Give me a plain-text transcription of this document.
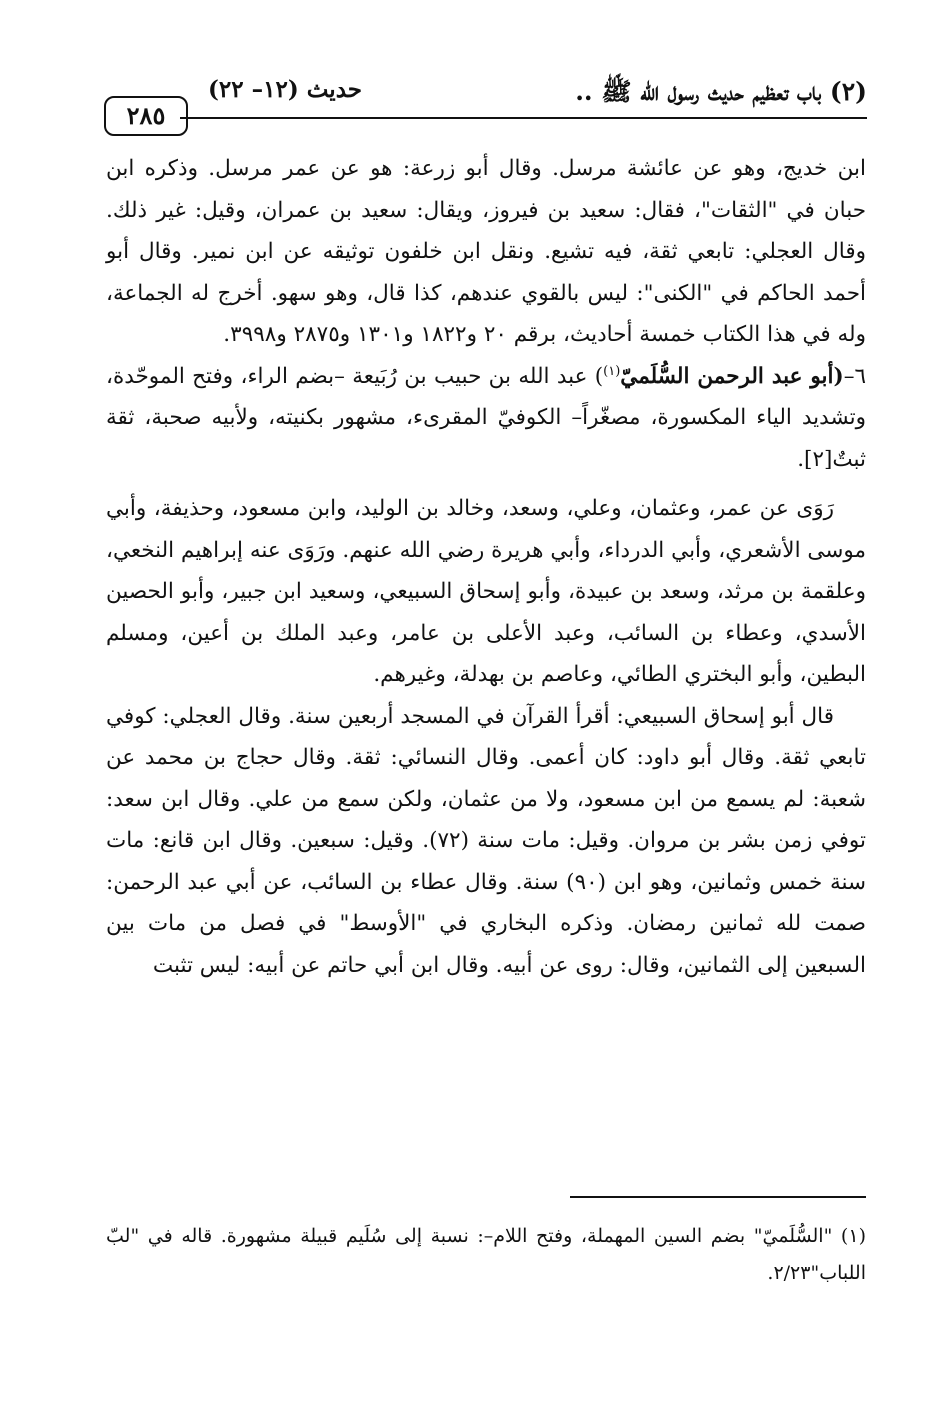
(٢) باب تعظيم حديث رسول الله ﷺ ..
حديث (١٢– ٢٢)
٢٨٥

ابن خديج، وهو عن عائشة مرسل. وقال أبو زرعة: هو عن عمر مرسل. وذكره ابن حبان في "الثقات"، فقال: سعيد بن فيروز، ويقال: سعيد بن عمران، وقيل: غير ذلك. وقال العجلي: تابعي ثقة، فيه تشيع. ونقل ابن خلفون توثيقه عن ابن نمير. وقال أبو أحمد الحاكم في "الكنى": ليس بالقوي عندهم، كذا قال، وهو سهو. أخرج له الجماعة، وله في هذا الكتاب خمسة أحاديث، برقم ٢٠ و١٨٢٢ و١٣٠١ و٢٨٧٥ و٣٩٩٨.

٦–(أبو عبد الرحمن السُّلَميّ$^{(١)}$) عبد الله بن حبيب بن رُبَيعة –بضم الراء، وفتح الموحّدة، وتشديد الياء المكسورة، مصغّراً– الكوفيّ المقرىء، مشهور بكنيته، ولأبيه صحبة، ثقة ثبتٌ[٢].

رَوَى عن عمر، وعثمان، وعلي، وسعد، وخالد بن الوليد، وابن مسعود، وحذيفة، وأبي موسى الأشعري، وأبي الدرداء، وأبي هريرة رضي الله عنهم. ورَوَى عنه إبراهيم النخعي، وعلقمة بن مرثد، وسعد بن عبيدة، وأبو إسحاق السبيعي، وسعيد ابن جبير، وأبو الحصين الأسدي، وعطاء بن السائب، وعبد الأعلى بن عامر، وعبد الملك بن أعين، ومسلم البطين، وأبو البختري الطائي، وعاصم بن بهدلة، وغيرهم.

قال أبو إسحاق السبيعي: أقرأ القرآن في المسجد أربعين سنة. وقال العجلي: كوفي تابعي ثقة. وقال أبو داود: كان أعمى. وقال النسائي: ثقة. وقال حجاج بن محمد عن شعبة: لم يسمع من ابن مسعود، ولا من عثمان، ولكن سمع من علي. وقال ابن سعد: توفي زمن بشر بن مروان. وقيل: مات سنة (٧٢). وقيل: سبعين. وقال ابن قانع: مات سنة خمس وثمانين، وهو ابن (٩٠) سنة. وقال عطاء بن السائب، عن أبي عبد الرحمن: صمت لله ثمانين رمضان. وذكره البخاري في "الأوسط" في فصل من مات بين السبعين إلى الثمانين، وقال: روى عن أبيه. وقال ابن أبي حاتم عن أبيه: ليس تثبت

(١) "السُّلَميّ" بضم السين المهملة، وفتح اللام–: نسبة إلى سُلَيم قبيلة مشهورة. قاله في "لبّ اللباب"٢/٢٣.
